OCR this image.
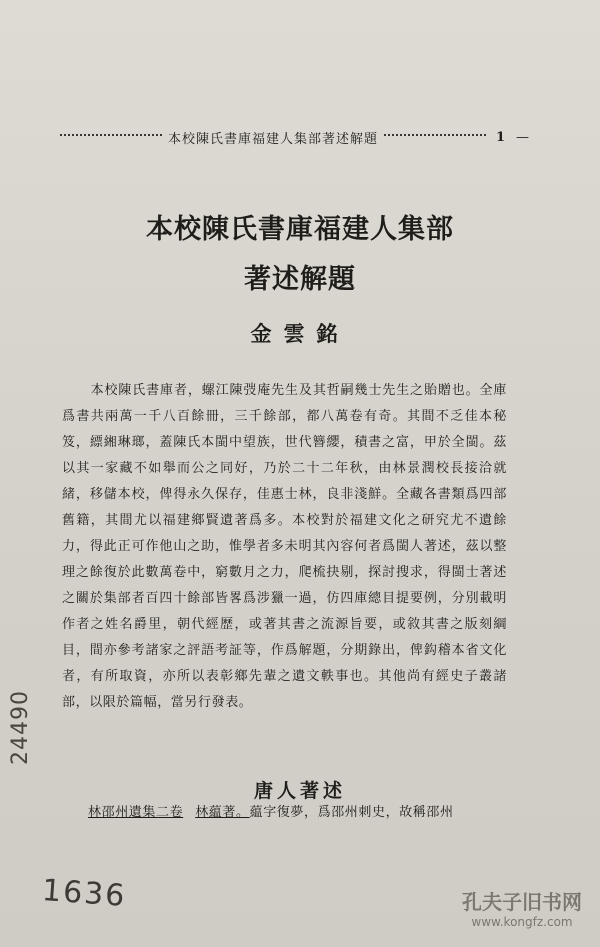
本校陳氏書庫福建人集部著述解題	1 —
本校陳氏書庫福建人集部
著述解題
金雲銘

本校陳氏書庫者，螺江陳弢庵先生及其哲嗣幾士先生之貽贈也。全庫爲書共兩萬一千八百餘冊，三千餘部，都八萬卷有奇。其間不乏佳本秘笈，縹緗琳瑯，蓋陳氏本閩中望族，世代簪纓，積書之富，甲於全閩。茲以其一家藏不如舉而公之同好，乃於二十二年秋，由林景潤校長接洽就緒，移儲本校，俾得永久保存，佳惠士林，良非淺鮮。全藏各書類爲四部舊籍，其間尤以福建鄉賢遺著爲多。本校對於福建文化之研究尤不遺餘力，得此正可作他山之助，惟學者多未明其內容何者爲閩人著述，茲以整理之餘復於此數萬卷中，窮數月之力，爬梳抉剔，探討搜求，得閩士著述之關於集部者百四十餘部皆畧爲涉獵一過，仿四庫總目提要例，分別載明作者之姓名爵里，朝代經歷，或著其書之流源旨要，或敘其書之版刻綱目，間亦參考諸家之評語考証等，作爲解題，分期錄出，俾鈎稽本省文化者，有所取資，亦所以表彰鄉先輩之遺文軼事也。其他尚有經史子叢諸部，以限於篇幅，當另行發表。

唐人著述
林邵州遺集二卷 林藴著。藴字復夢，爲邵州刺史，故稱邵州
24490
1636	孔夫子旧书网
www.kongfz.com
